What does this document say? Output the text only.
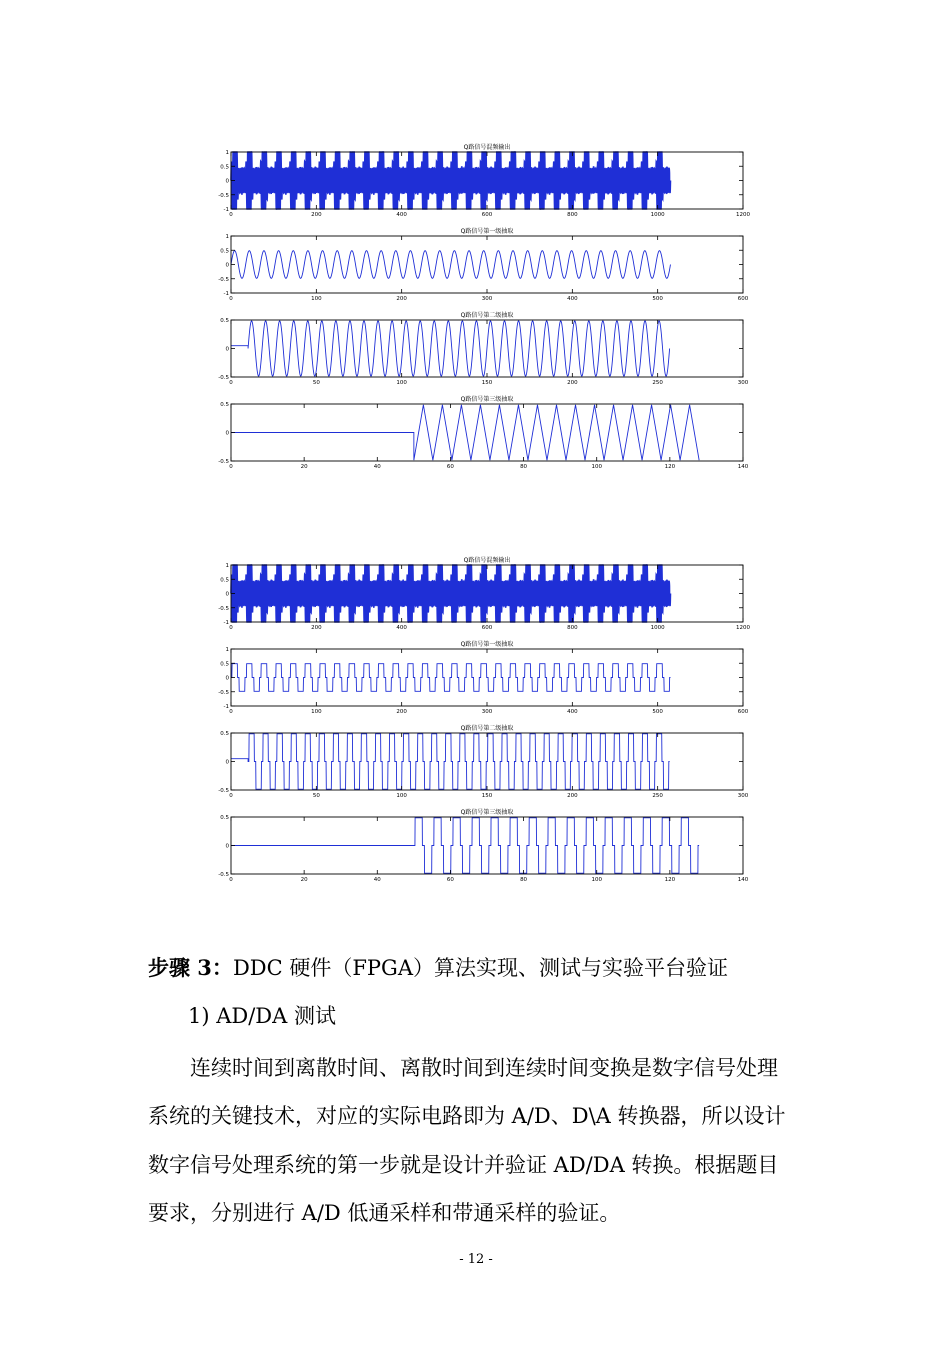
Q路信号混频输出
0	200	400	600	800	1000	1200
-1
-0.5
0
0.5
1
Q路信号第一级抽取
0	100	200	300	400	500	600
-1
-0.5
0
0.5
1
Q路信号第二级抽取
0	50	100	150	200	250	300
-0.5
0
0.5
Q路信号第三级抽取
0	20	40	60	80	100	120	140
-0.5
0
0.5
Q路信号混频输出
0	200	400	600	800	1000	1200
-1
-0.5
0
0.5
1
Q路信号第一级抽取
0	100	200	300	400	500	600
-1
-0.5
0
0.5
1
Q路信号第二级抽取
0	50	100	150	200	250	300
-0.5
0
0.5
Q路信号第三级抽取
0	20	40	60	80	100	120	140
-0.5
0
0.5
步骤 3：DDC 硬件（FPGA）算法实现、测试与实验平台验证
1) AD/DA 测试
连续时间到离散时间、离散时间到连续时间变换是数字信号处理
系统的关键技术，对应的实际电路即为 A/D、D\A 转换器，所以设计
数字信号处理系统的第一步就是设计并验证 AD/DA 转换。根据题目
要求，分别进行 A/D 低通采样和带通采样的验证。
- 12 -
